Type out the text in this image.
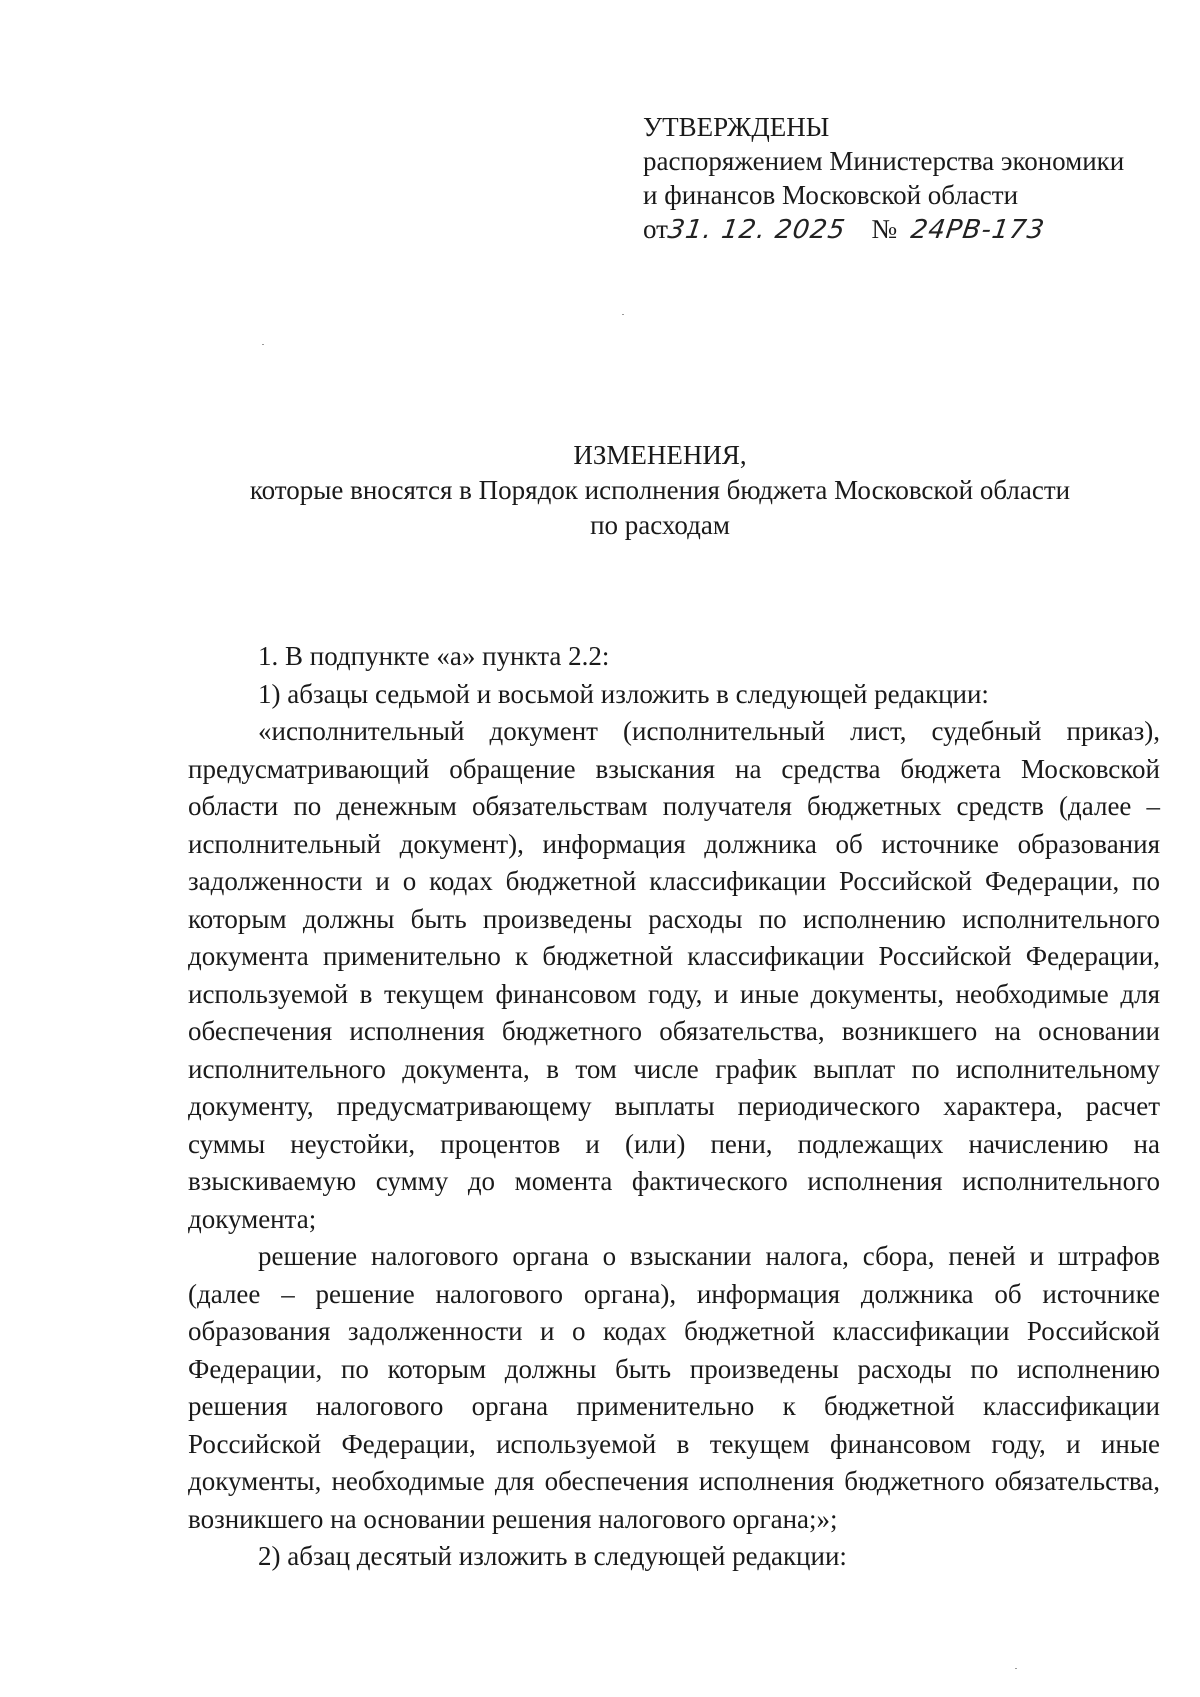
УТВЕРЖДЕНЫ
распоряжением Министерства экономики
и финансов Московской области
от31. 12. 2025 № 24РВ-173
ИЗМЕНЕНИЯ,
которые вносятся в Порядок исполнения бюджета Московской области
по расходам

1. В подпункте «а» пункта 2.2:

1) абзацы седьмой и восьмой изложить в следующей редакции:

«исполнительный документ (исполнительный лист, судебный приказ), предусматривающий обращение взыскания на средства бюджета Московской области по денежным обязательствам получателя бюджетных средств (далее – исполнительный документ), информация должника об источнике образования задолженности и о кодах бюджетной классификации Российской Федерации, по которым должны быть произведены расходы по исполнению исполнительного документа применительно к бюджетной классификации Российской Федерации, используемой в текущем финансовом году, и иные документы, необходимые для обеспечения исполнения бюджетного обязательства, возникшего на основании исполнительного документа, в том числе график выплат по исполнительному документу, предусматривающему выплаты периодического характера, расчет суммы неустойки, процентов и (или) пени, подлежащих начислению на взыскиваемую сумму до момента фактического исполнения исполнительного документа;

решение налогового органа о взыскании налога, сбора, пеней и штрафов (далее – решение налогового органа), информация должника об источнике образования задолженности и о кодах бюджетной классификации Российской Федерации, по которым должны быть произведены расходы по исполнению решения налогового органа применительно к бюджетной классификации Российской Федерации, используемой в текущем финансовом году, и иные документы, необходимые для обеспечения исполнения бюджетного обязательства, возникшего на основании решения налогового органа;»;

2) абзац десятый изложить в следующей редакции:
